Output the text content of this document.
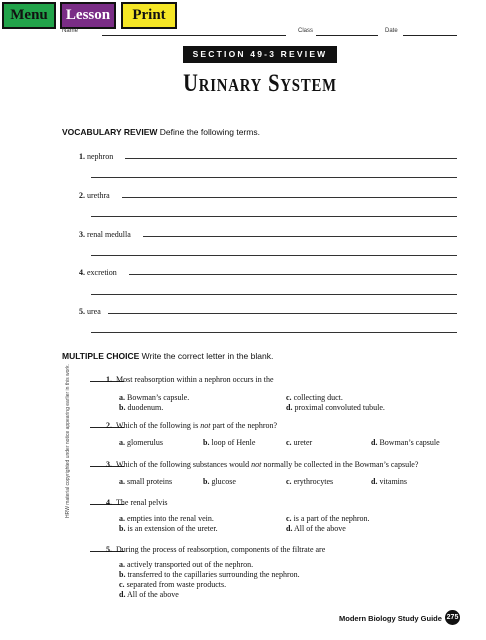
Menu	Lesson	Print
Name	Class	Date
SECTION 49-3 REVIEW
Urinary System
VOCABULARY REVIEW Define the following terms.
1. nephron
2. urethra
3. renal medulla
4. excretion
5. urea
HRW material copyrighted under notice appearing earlier in this work.
MULTIPLE CHOICE Write the correct letter in the blank.
1. Most reabsorption within a nephron occurs in the
a. Bowman’s capsule.
b. duodenum.
c. collecting duct.
d. proximal convoluted tubule.
2. Which of the following is not part of the nephron?
a. glomerulus	b. loop of Henle	c. ureter	d. Bowman’s capsule
3. Which of the following substances would not normally be collected in the Bowman’s capsule?
a. small proteins	b. glucose	c. erythrocytes	d. vitamins
4. The renal pelvis
a. empties into the renal vein.
b. is an extension of the ureter.
c. is a part of the nephron.
d. All of the above
5. During the process of reabsorption, components of the filtrate are
a. actively transported out of the nephron.
b. transferred to the capillaries surrounding the nephron.
c. separated from waste products.
d. All of the above
Modern Biology Study Guide 275
